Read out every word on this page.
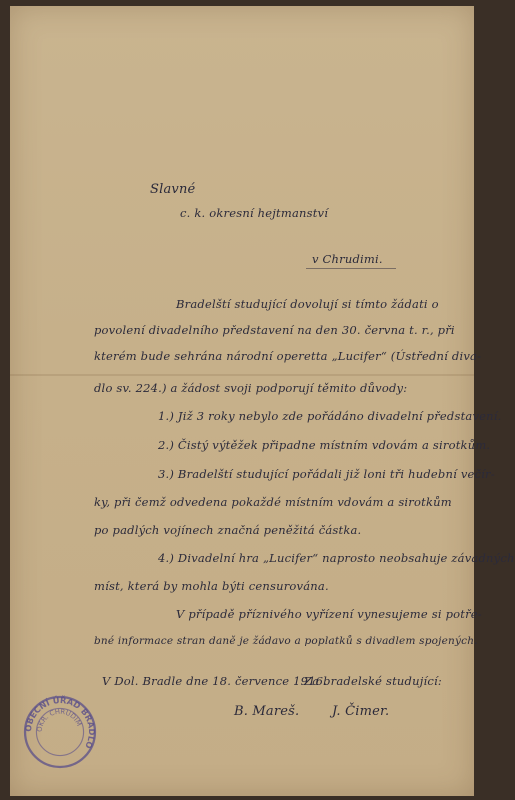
Slavné
c. k. okresní hejtmanství
v Chrudimi.
Bradelští studující dovolují si tímto žádati o
povolení divadelního představení na den 30. června t. r., při
kterém bude sehrána národní operetta „Lucifer“ (Ústřední diva-
dlo sv. 224.) a žádost svoji podporují těmito důvody:
1.) Již 3 roky nebylo zde pořádáno divadelní představení.
2.) Čistý výtěžek připadne místním vdovám a sirotkům.
3.) Bradelští studující pořádali již loni tři hudební večír-
ky, při čemž odvedena pokaždé místním vdovám a sirotkům
po padlých vojínech značná peněžitá částka.
4.) Divadelní hra „Lucifer“ naprosto neobsahuje závadných
míst, která by mohla býti censurována.
V případě příznivého vyřízení vynesujeme si potře-
bné informace stran daně je žádavo a poplatků s divadlem spojených.
V Dol. Bradle dne 18. července 1916.
Za bradelské studující:
B. Mareš.	J. Čimer.
OBECNÍ ÚŘAD BRADLO
OKR. CHRUDIM
